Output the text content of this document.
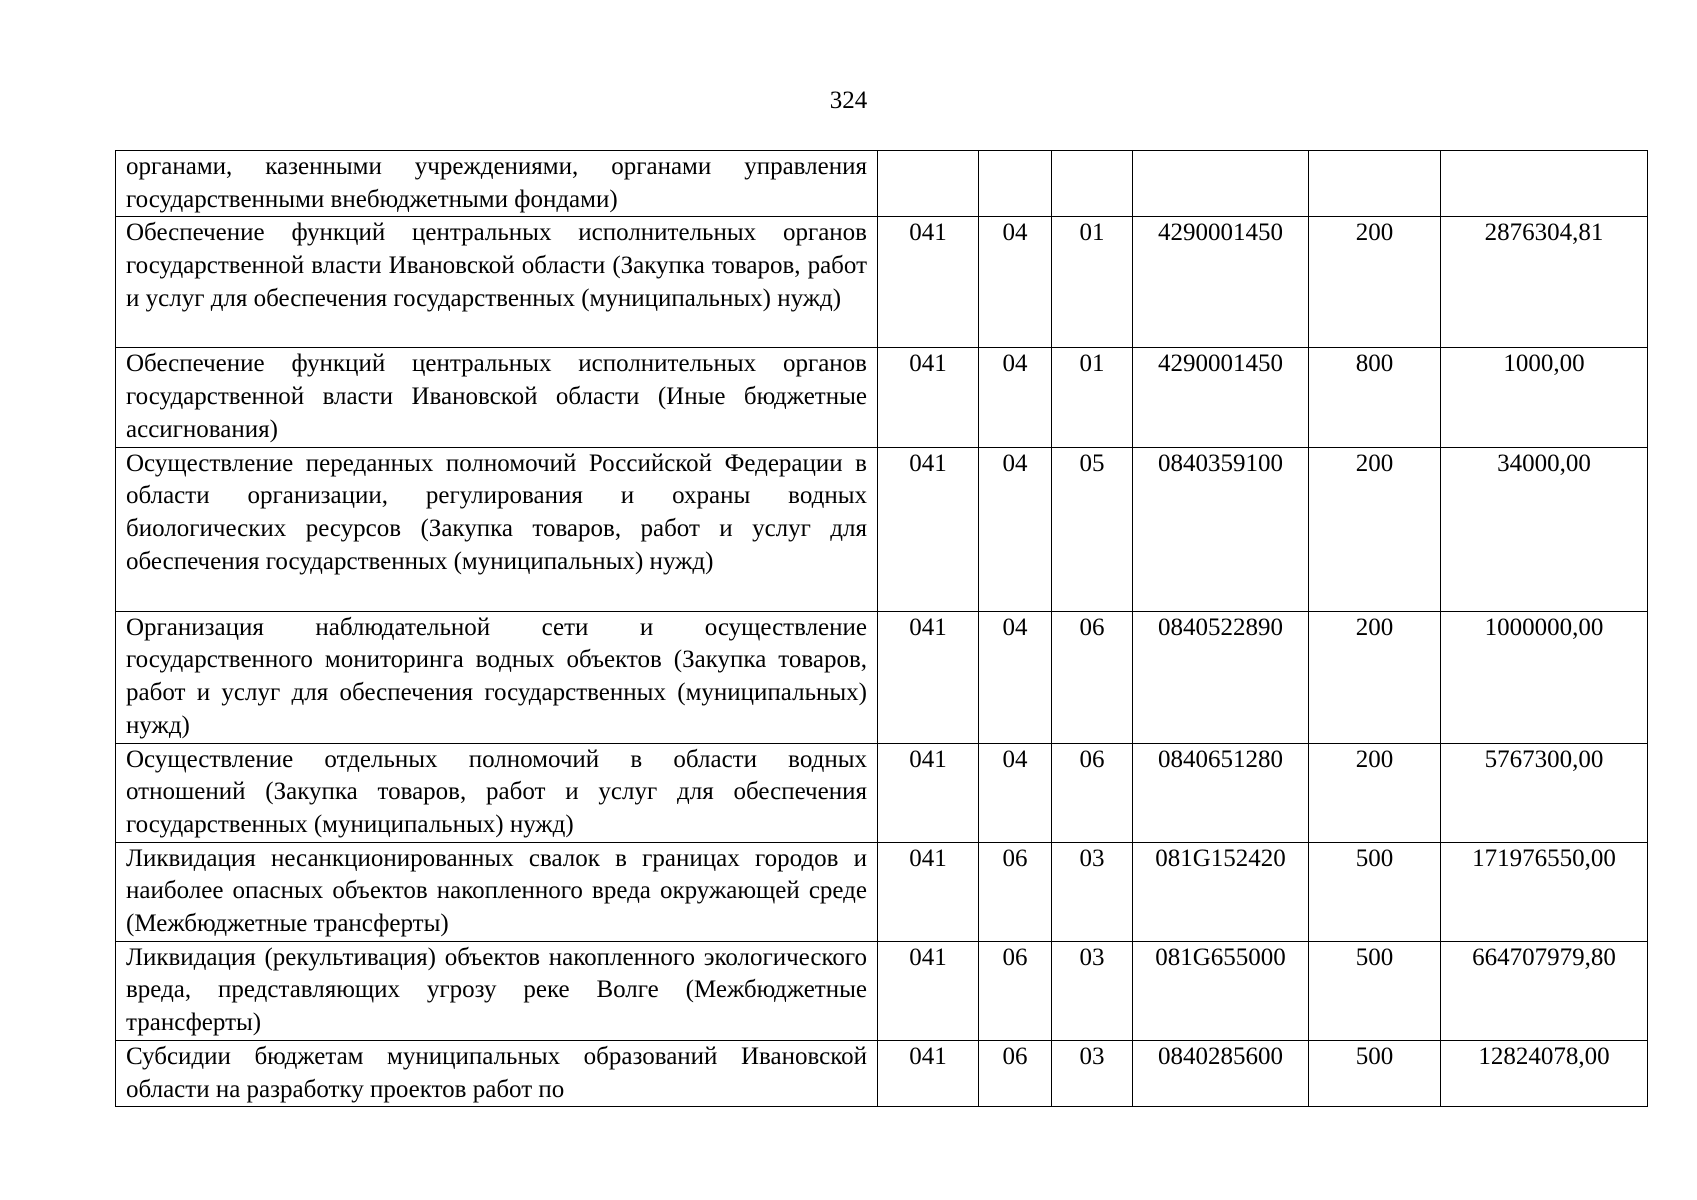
324
органами, казенными учреждениями, органами управления государственными внебюджетными фондами)						
Обеспечение функций центральных исполнительных органов государственной власти Ивановской области (Закупка товаров, работ и услуг для обеспечения государственных (муниципальных) нужд)	041	04	01	4290001450	200	2876304,81
Обеспечение функций центральных исполнительных органов государственной власти Ивановской области (Иные бюджетные ассигнования)	041	04	01	4290001450	800	1000,00
Осуществление переданных полномочий Российской Федерации в области организации, регулирования и охраны водных биологических ресурсов (Закупка товаров, работ и услуг для обеспечения государственных (муниципальных) нужд)	041	04	05	0840359100	200	34000,00
Организация наблюдательной сети и осуществление государственного мониторинга водных объектов (Закупка товаров, работ и услуг для обеспечения государственных (муниципальных) нужд)	041	04	06	0840522890	200	1000000,00
Осуществление отдельных полномочий в области водных отношений (Закупка товаров, работ и услуг для обеспечения государственных (муниципальных) нужд)	041	04	06	0840651280	200	5767300,00
Ликвидация несанкционированных свалок в границах городов и наиболее опасных объектов накопленного вреда окружающей среде (Межбюджетные трансферты)	041	06	03	081G152420	500	171976550,00
Ликвидация (рекультивация) объектов накопленного экологического вреда, представляющих угрозу реке Волге (Межбюджетные трансферты)	041	06	03	081G655000	500	664707979,80
Субсидии бюджетам муниципальных образований Ивановской области на разработку проектов работ по	041	06	03	0840285600	500	12824078,00
